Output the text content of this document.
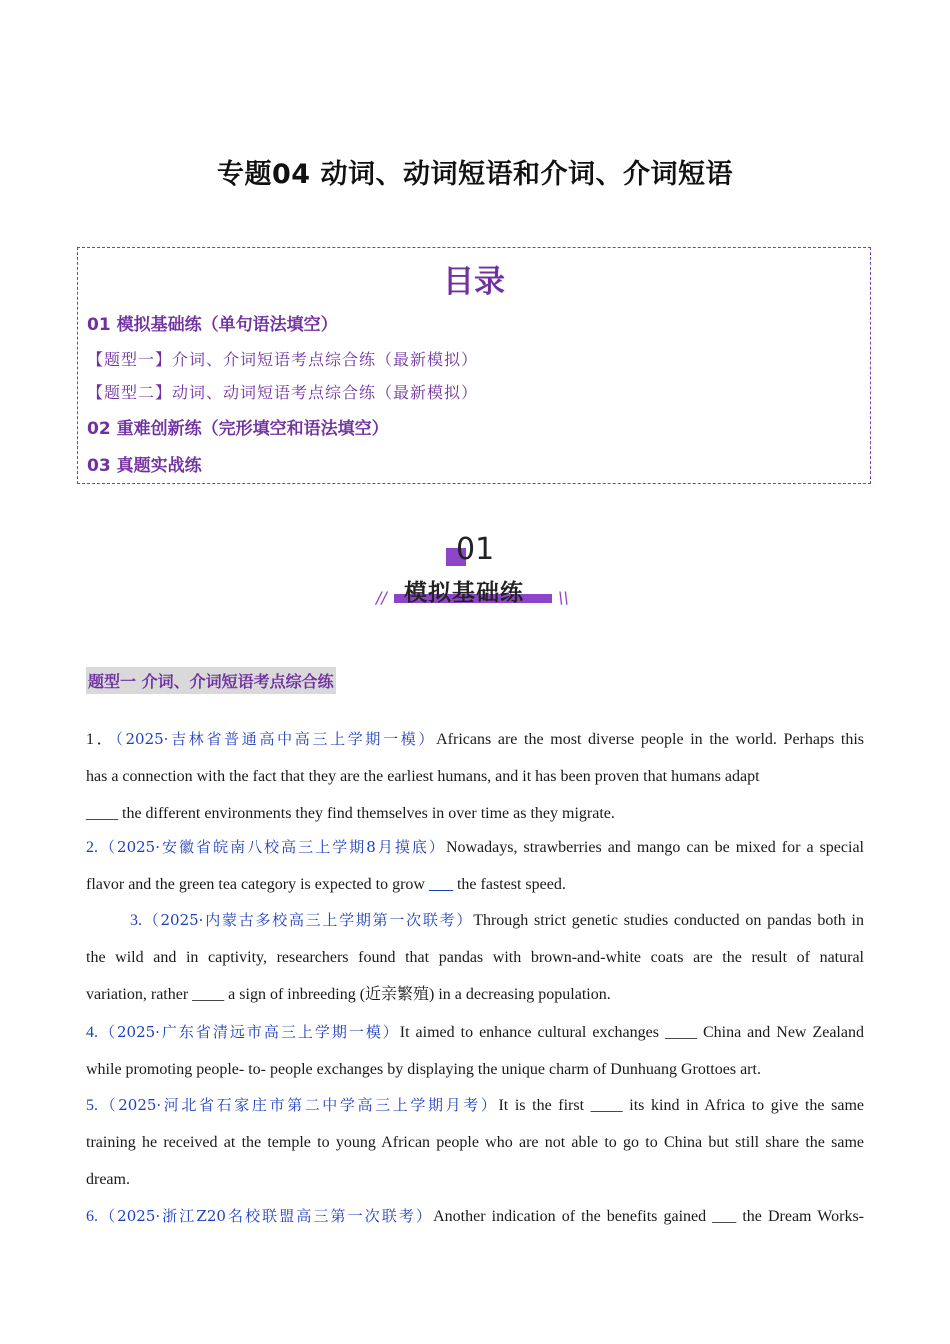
专题04 动词、动词短语和介词、介词短语
目录
01 模拟基础练（单句语法填空）
【题型一】介词、介词短语考点综合练（最新模拟）
【题型二】动词、动词短语考点综合练（最新模拟）
02 重难创新练（完形填空和语法填空）
03 真题实战练
01
模拟基础练
//	\\
题型一 介词、介词短语考点综合练

1．（2025·吉林省普通高中高三上学期一模）Africans are the most diverse people in the world. Perhaps this

has a connection with the fact that they are the earliest humans, and it has been proven that humans adapt

____ the different environments they find themselves in over time as they migrate.

2.（2025·安徽省皖南八校高三上学期8月摸底）Nowadays, strawberries and mango can be mixed for a special

flavor and the green tea category is expected to grow ___ the fastest speed.

3.（2025·内蒙古多校高三上学期第一次联考）Through strict genetic studies conducted on pandas both in

the wild and in captivity, researchers found that pandas with brown-and-white coats are the result of natural

variation, rather ____ a sign of inbreeding (近亲繁殖) in a decreasing population.

4.（2025·广东省清远市高三上学期一模）It aimed to enhance cultural exchanges ____ China and New Zealand

while promoting people- to- people exchanges by displaying the unique charm of Dunhuang Grottoes art.

5.（2025·河北省石家庄市第二中学高三上学期月考）It is the first ____ its kind in Africa to give the same

training he received at the temple to young African people who are not able to go to China but still share the same

dream.

6.（2025·浙江Z20名校联盟高三第一次联考）Another indication of the benefits gained ___ the Dream Works-
